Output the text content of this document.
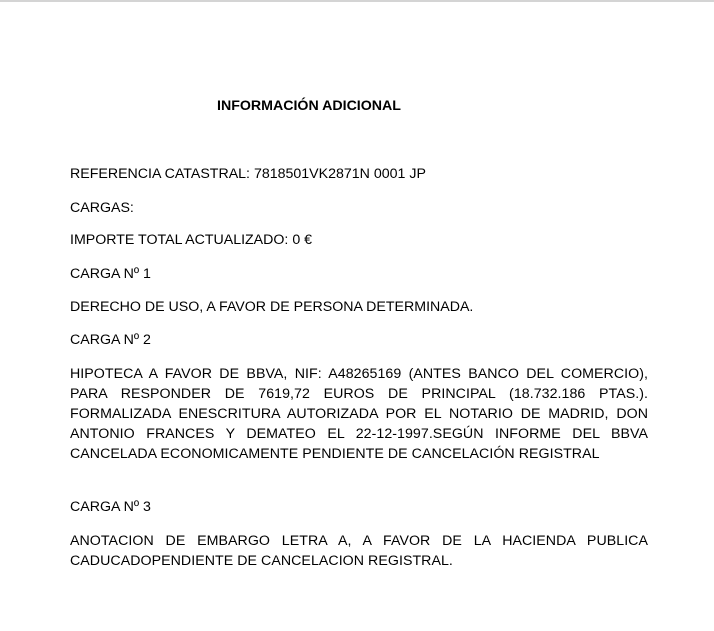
INFORMACIÓN ADICIONAL

REFERENCIA CATASTRAL: 7818501VK2871N 0001 JP

CARGAS:

IMPORTE TOTAL ACTUALIZADO: 0 €

CARGA Nº 1

DERECHO DE USO, A FAVOR DE PERSONA DETERMINADA.

CARGA Nº 2

HIPOTECA A FAVOR DE BBVA, NIF: A48265169 (ANTES BANCO DEL COMERCIO), PARA RESPONDER DE 7619,72 EUROS DE PRINCIPAL (18.732.186 PTAS.). FORMALIZADA ENESCRITURA AUTORIZADA POR EL NOTARIO DE MADRID, DON ANTONIO FRANCES Y DEMATEO EL 22-12-1997.SEGÚN INFORME DEL BBVA CANCELADA ECONOMICAMENTE PENDIENTE DE CANCELACIÓN REGISTRAL

CARGA Nº 3

ANOTACION DE EMBARGO LETRA A, A FAVOR DE LA HACIENDA PUBLICA CADUCADOPENDIENTE DE CANCELACION REGISTRAL.
